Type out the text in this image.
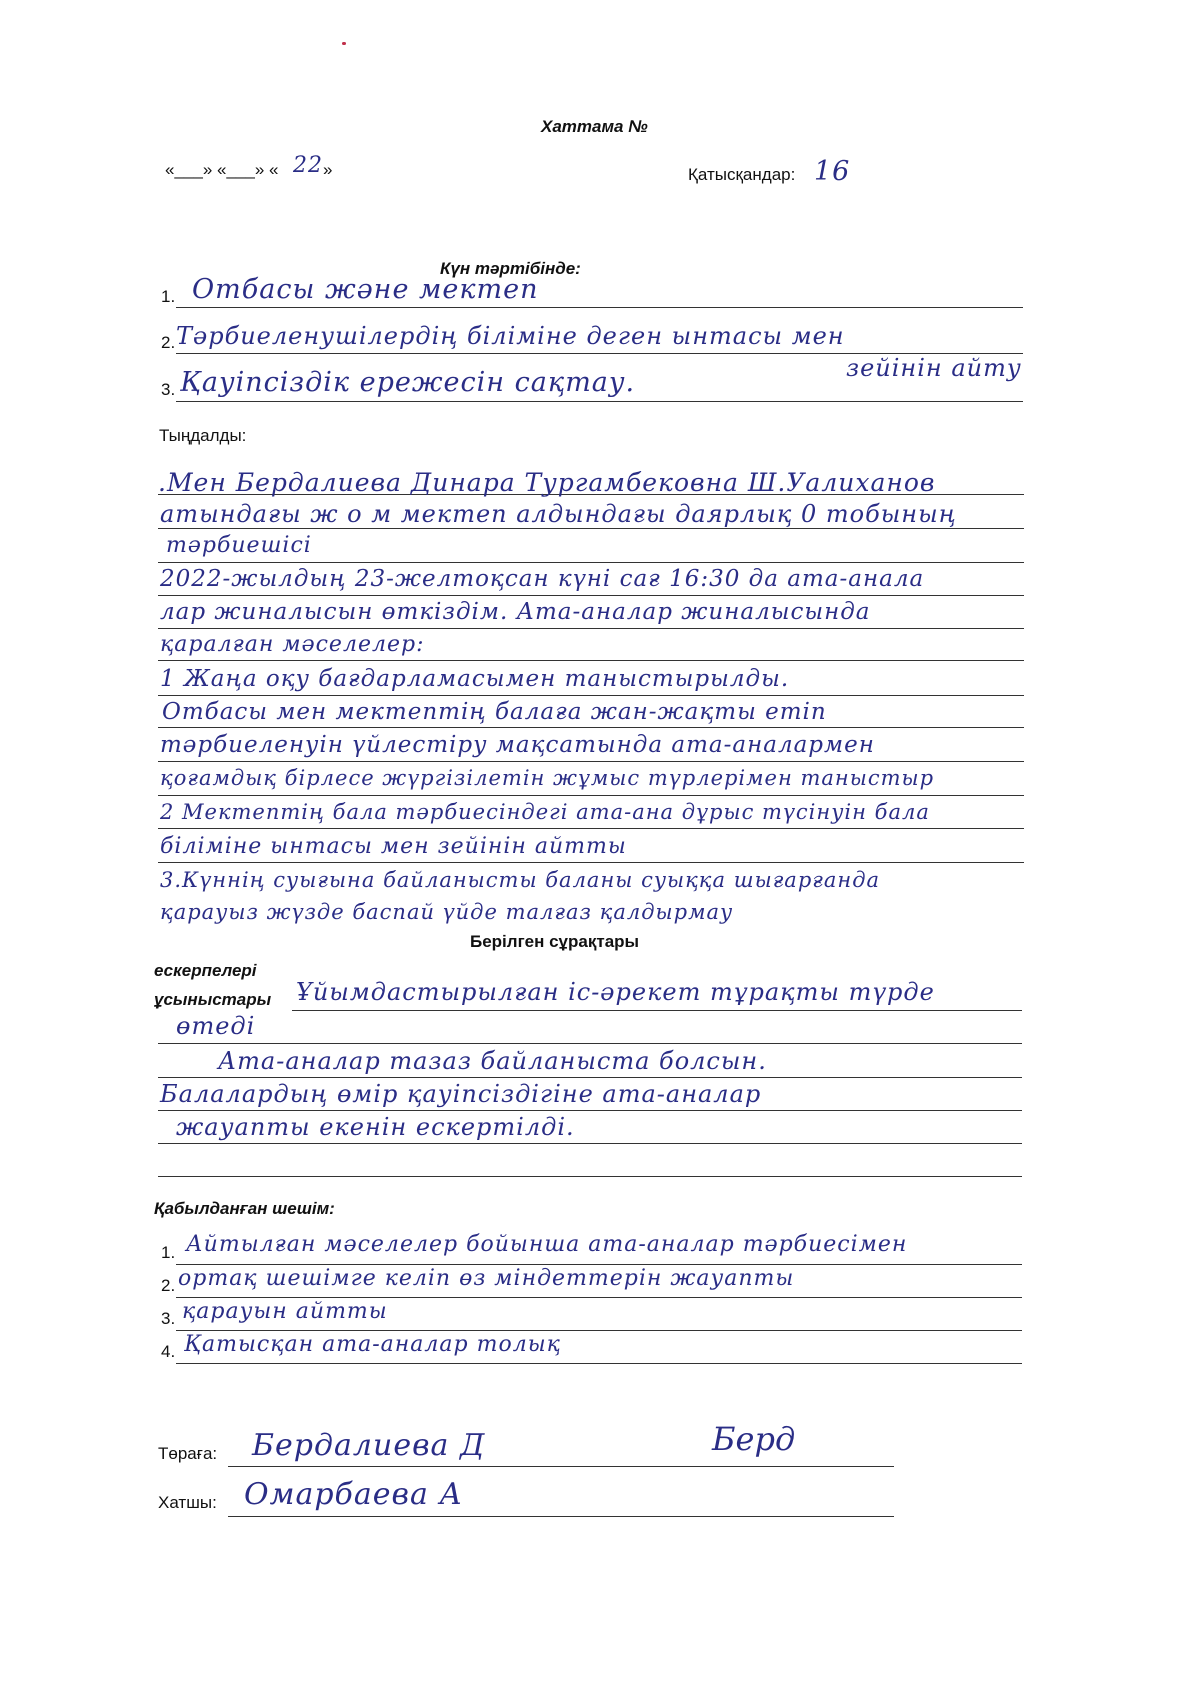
Хаттама №
«___» «___» « 22 »	Қатысқандар: 16
Күн тәртібінде:
1. Отбасы және мектеп
2. Тәрбиеленушілердің біліміне деген ынтасы мен
зейінін айту
3. Қауіпсіздік ережесін сақтау.
Тыңдалды:
.Мен Бердалиева Динара Тургамбековна Ш.Уалиханов
атындағы ж о м мектеп алдындағы даярлық 0 тобының
тәрбиешісі
2022-жылдың 23-желтоқсан күні сағ 16:30 да ата-анала
лар жиналысын өткіздім. Ата-аналар жиналысында
қаралған мәселелер:
1 Жаңа оқу бағдарламасымен таныстырылды.
Отбасы мен мектептің балаға жан-жақты етіп
тәрбиеленуін үйлестіру мақсатында ата-аналармен
қоғамдық бірлесе жүргізілетін жұмыс түрлерімен таныстыр
2 Мектептің бала тәрбиесіндегі ата-ана дұрыс түсінуін бала
біліміне ынтасы мен зейінін айтты
3.Күннің суығына байланысты баланы суыққа шығарғанда
қарауыз жүзде баспай үйде талғаз қалдырмау
Берілген сұрақтары
ескерпелері
ұсыныстары Ұйымдастырылған іс-әрекет тұрақты түрде
өтеді
Ата-аналар тазаз байланыста болсын.
Балалардың өмір қауіпсіздігіне ата-аналар
жауапты екенін ескертілді.
Қабылданған шешім:
1. Айтылған мәселелер бойынша ата-аналар тәрбиесімен
2. ортақ шешімге келіп өз міндеттерін жауапты
3. қарауын айтты
4. Қатысқан ата-аналар толық
Төраға: Бердалиева Д	Берд
Хатшы: Омарбаева А
